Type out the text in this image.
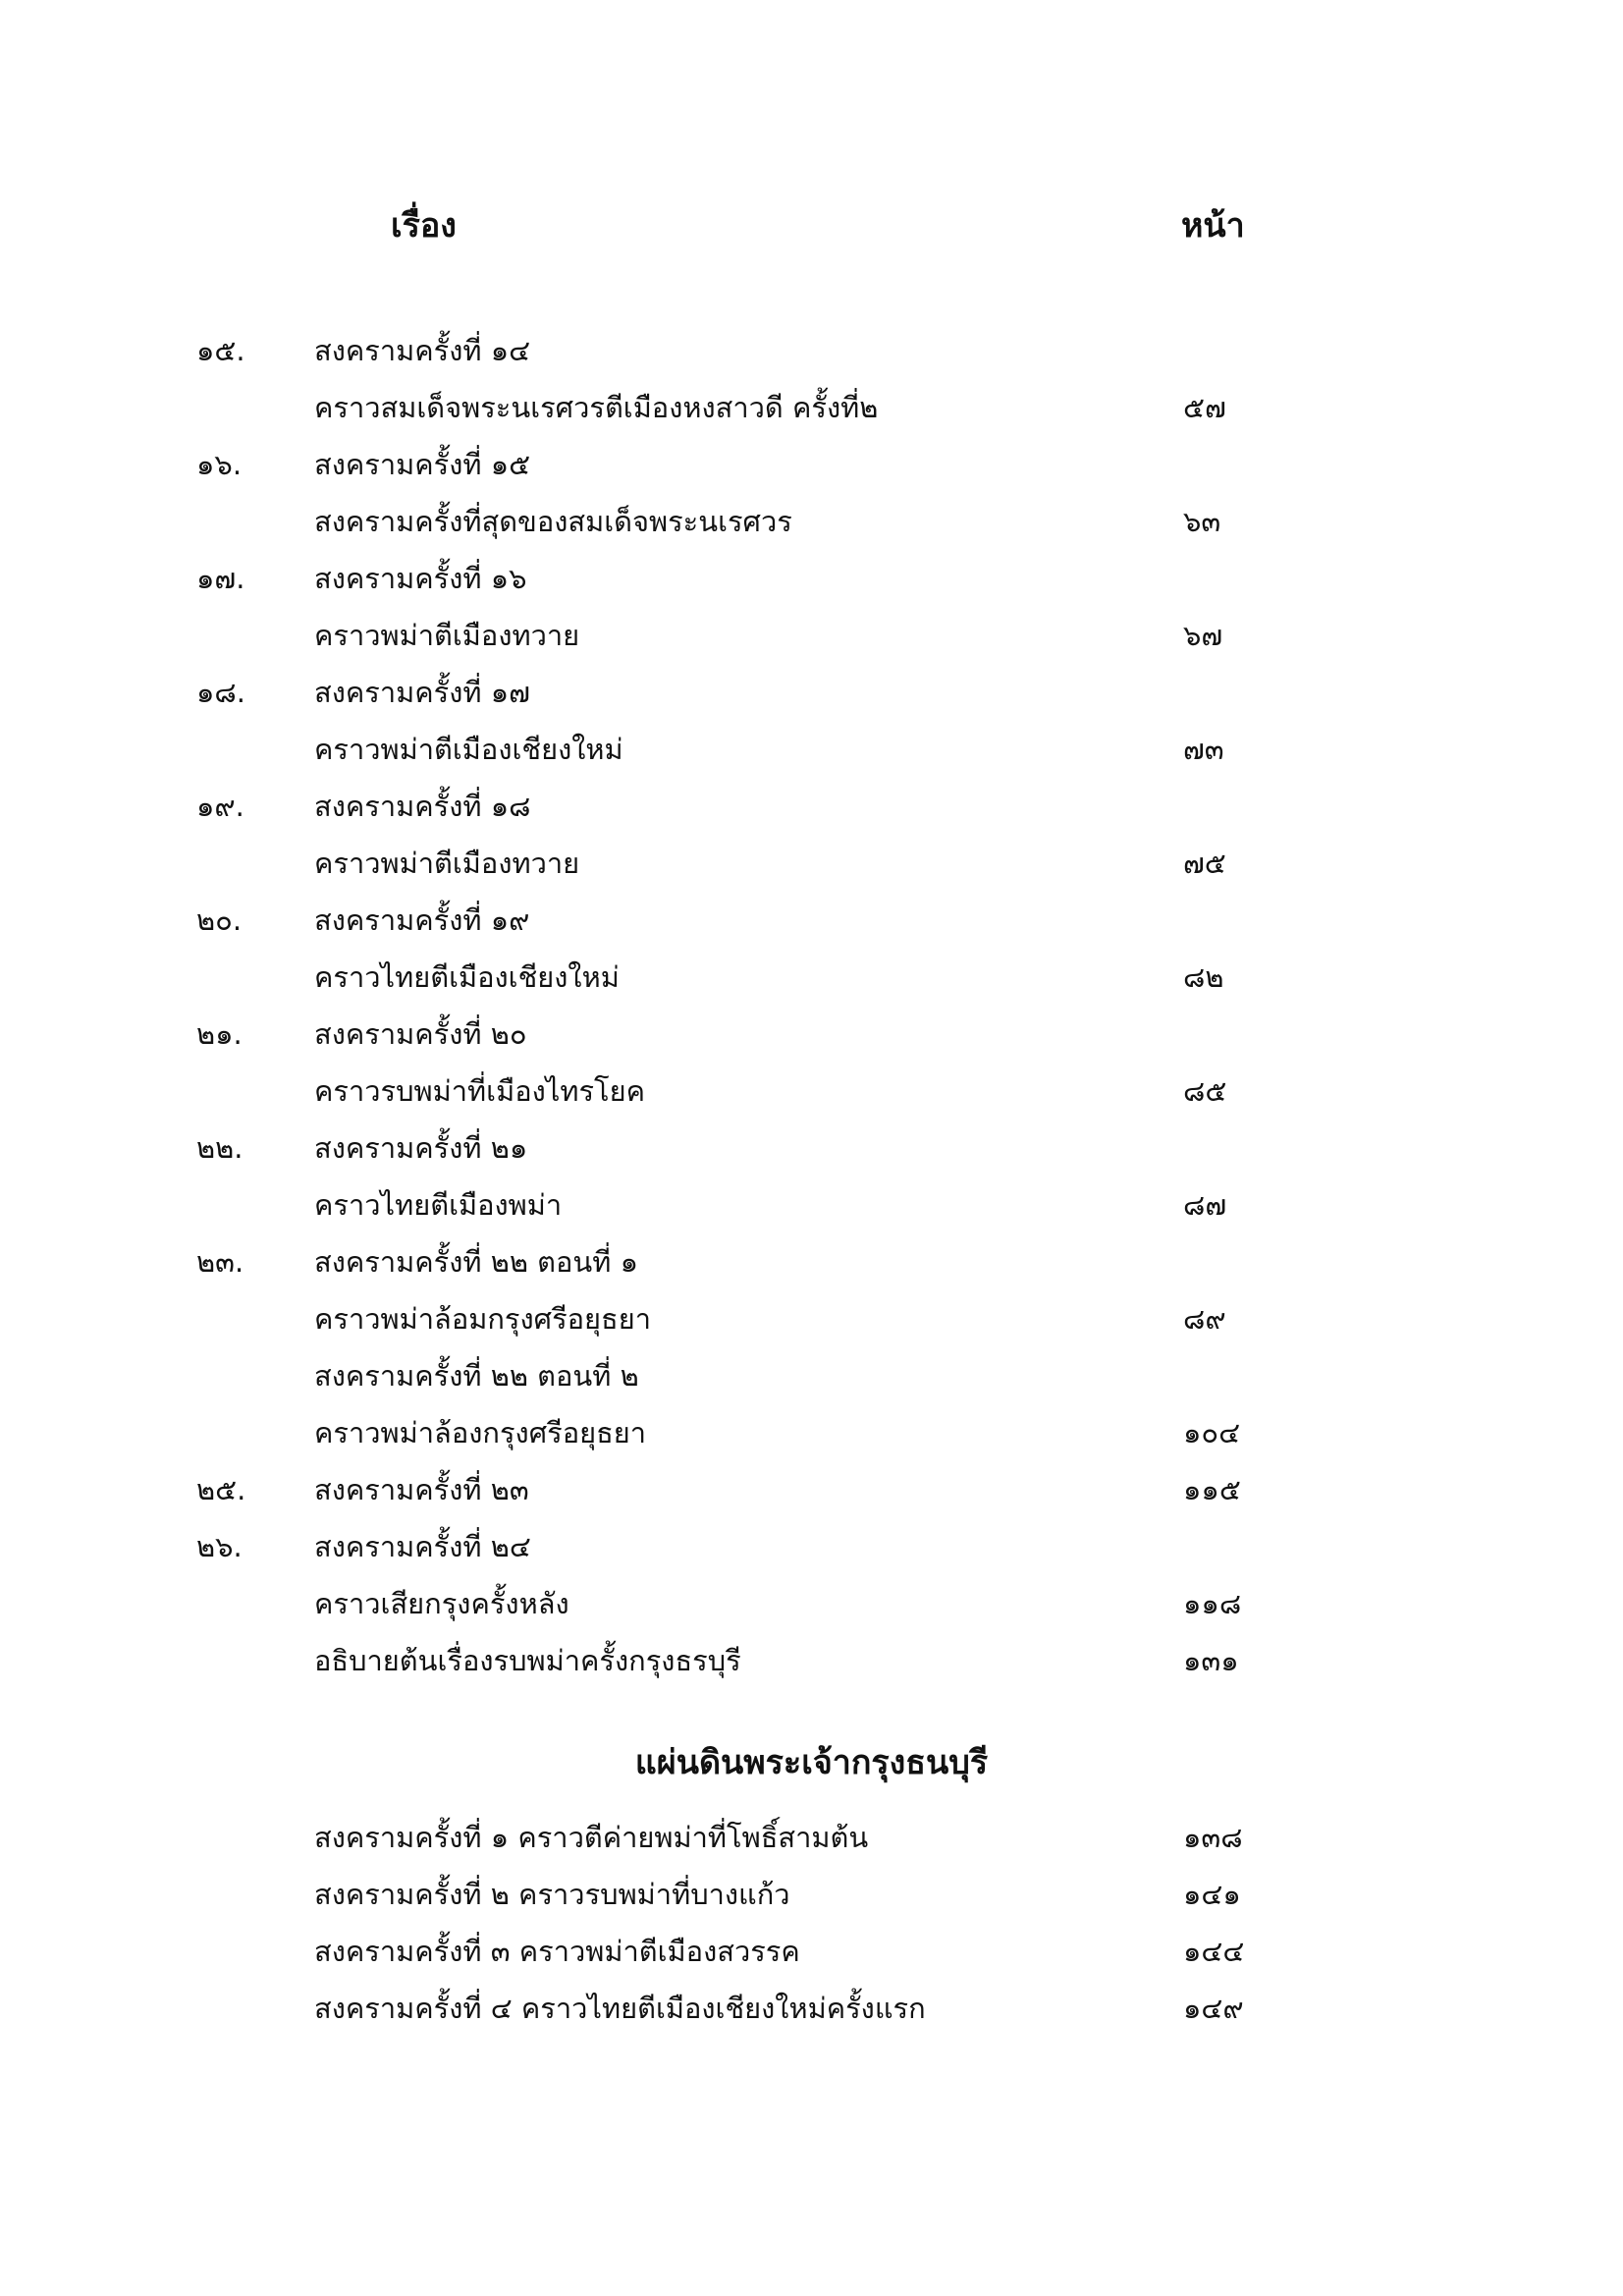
เรื่อง	หน้า
๑๕. สงครามครั้งที่ ๑๔
คราวสมเด็จพระนเรศวรตีเมืองหงสาวดี ครั้งที่๒	๕๗
๑๖.	สงครามครั้งที่ ๑๕
สงครามครั้งที่สุดของสมเด็จพระนเรศวร	๖๓
๑๗. สงครามครั้งที่ ๑๖
คราวพม่าตีเมืองทวาย	๖๗
๑๘. สงครามครั้งที่ ๑๗
คราวพม่าตีเมืองเชียงใหม่	๗๓
๑๙. สงครามครั้งที่ ๑๘
คราวพม่าตีเมืองทวาย	๗๕
๒๐.	สงครามครั้งที่ ๑๙
คราวไทยตีเมืองเชียงใหม่	๘๒
๒๑.	สงครามครั้งที่ ๒๐
คราวรบพม่าที่เมืองไทรโยค	๘๕
๒๒.	สงครามครั้งที่ ๒๑
คราวไทยตีเมืองพม่า	๘๗
๒๓. สงครามครั้งที่ ๒๒ ตอนที่ ๑
คราวพม่าล้อมกรุงศรีอยุธยา	๘๙
สงครามครั้งที่ ๒๒ ตอนที่ ๒
คราวพม่าล้องกรุงศรีอยุธยา	๑๐๔
๒๕. สงครามครั้งที่ ๒๓	๑๑๕
๒๖.	สงครามครั้งที่ ๒๔
คราวเสียกรุงครั้งหลัง	๑๑๘
อธิบายต้นเรื่องรบพม่าครั้งกรุงธรบุรี	๑๓๑
แผ่นดินพระเจ้ากรุงธนบุรี
สงครามครั้งที่ ๑ คราวตีค่ายพม่าที่โพธิ์สามต้น	๑๓๘
สงครามครั้งที่ ๒ คราวรบพม่าที่บางแก้ว	๑๔๑
สงครามครั้งที่ ๓ คราวพม่าตีเมืองสวรรค	๑๔๔
สงครามครั้งที่ ๔ คราวไทยตีเมืองเชียงใหม่ครั้งแรก	๑๔๙
